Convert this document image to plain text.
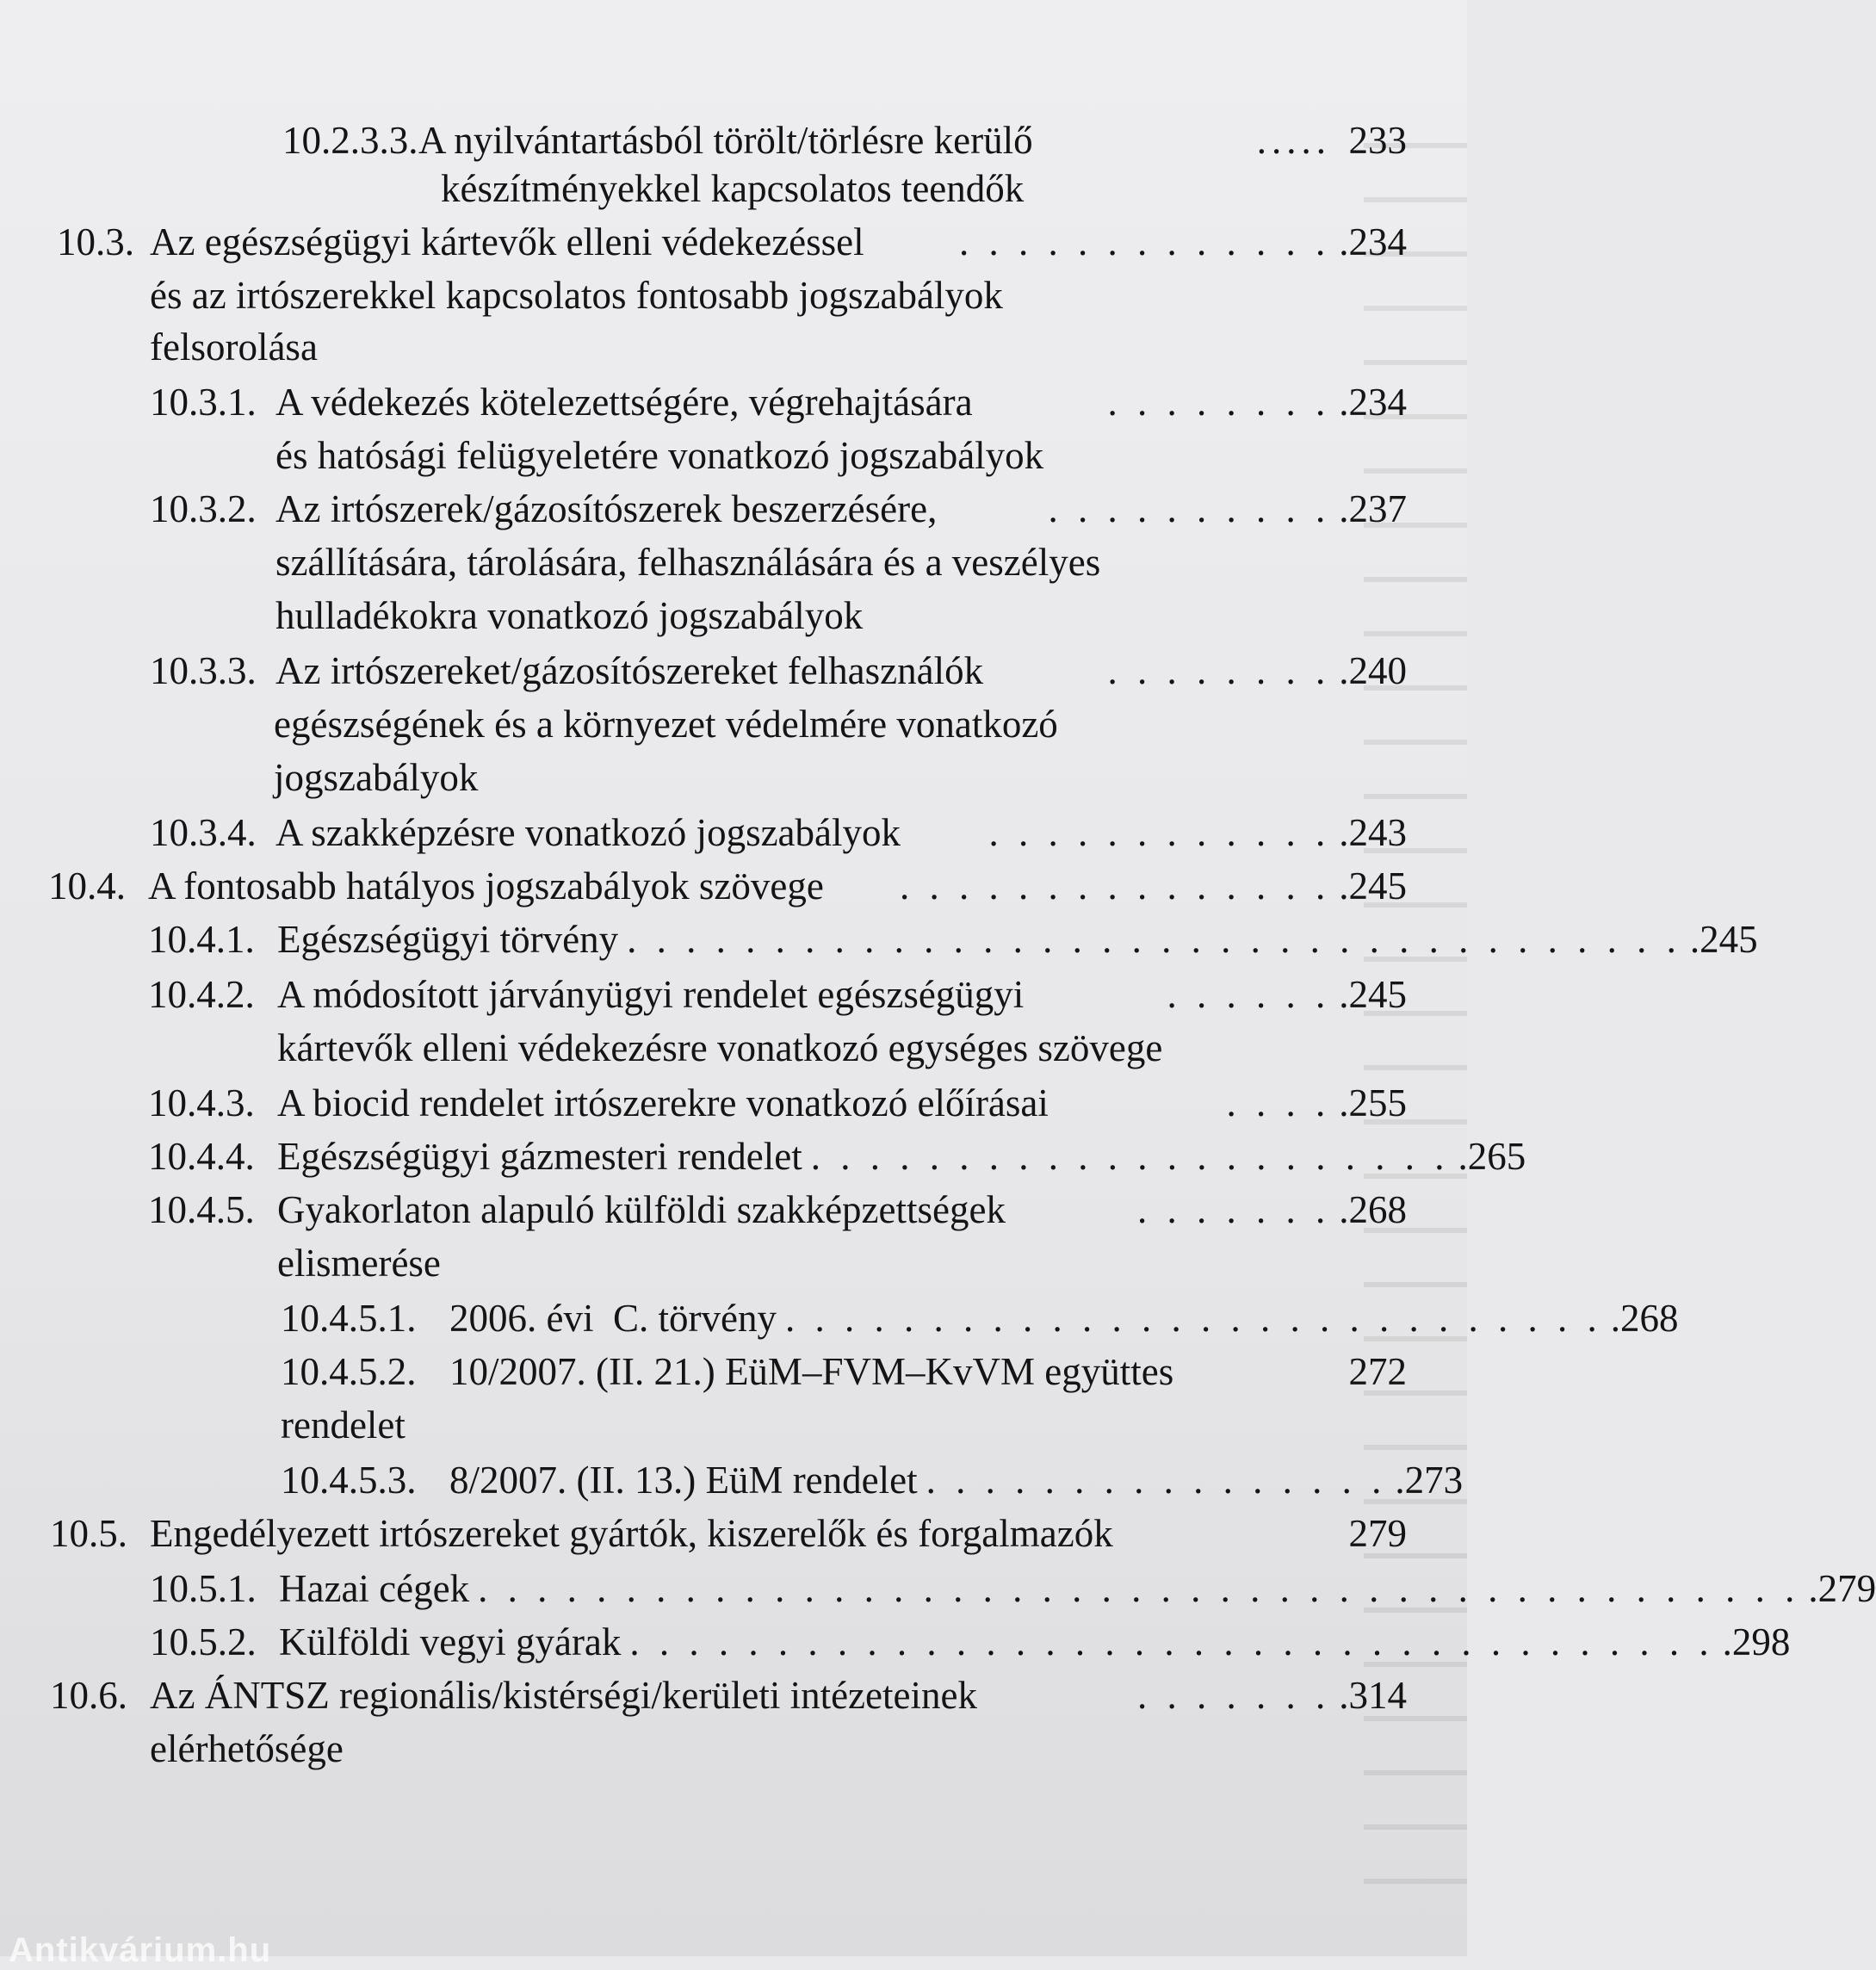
10.2.3.3. A nyilvántartásból törölt/törlésre kerülő	..... 233
készítményekkel kapcsolatos teendők
10.3. Az egészségügyi kártevők elleni védekezéssel	. . . . . . . . . . . . . .234
és az irtószerekkel kapcsolatos fontosabb jogszabályok
felsorolása
10.3.1. A védekezés kötelezettségére, végrehajtására	. . . . . . . . .234
és hatósági felügyeletére vonatkozó jogszabályok
10.3.2. Az irtószerek/gázosítószerek beszerzésére,	. . . . . . . . . . .237
szállítására, tárolására, felhasználására és a veszélyes
hulladékokra vonatkozó jogszabályok
10.3.3. Az irtószereket/gázosítószereket felhasználók	. . . . . . . . .240
egészségének és a környezet védelmére vonatkozó
jogszabályok
10.3.4. A szakképzésre vonatkozó jogszabályok	. . . . . . . . . . . . .243
10.4. A fontosabb hatályos jogszabályok szövege	. . . . . . . . . . . . . . . .245
10.4.1. Egészségügyi törvény . . . . . . . . . . . . . . . . . . . . . . . . . . . . . . . . . . . . .245
10.4.2. A módosított járványügyi rendelet egészségügyi	. . . . . . .245
kártevők elleni védekezésre vonatkozó egységes szövege
10.4.3. A biocid rendelet irtószerekre vonatkozó előírásai	. . . . .255
10.4.4. Egészségügyi gázmesteri rendelet . . . . . . . . . . . . . . . . . . . . . . .265
10.4.5. Gyakorlaton alapuló külföldi szakképzettségek	. . . . . . . .268
elismerése
10.4.5.1. 2006. évi  C. törvény . . . . . . . . . . . . . . . . . . . . . . . . . . . . .268
10.4.5.2. 10/2007. (II. 21.) EüM–FVM–KvVM együttes	272
rendelet
10.4.5.3. 8/2007. (II. 13.) EüM rendelet . . . . . . . . . . . . . . . . .273
10.5. Engedélyezett irtószereket gyártók, kiszerelők és forgalmazók	279
10.5.1. Hazai cégek . . . . . . . . . . . . . . . . . . . . . . . . . . . . . . . . . . . . . . . . . . . . . .279
10.5.2. Külföldi vegyi gyárak . . . . . . . . . . . . . . . . . . . . . . . . . . . . . . . . . . . . . .298
10.6. Az ÁNTSZ regionális/kistérségi/kerületi intézeteinek	. . . . . . . .314
elérhetősége
Antikvárium.hu
